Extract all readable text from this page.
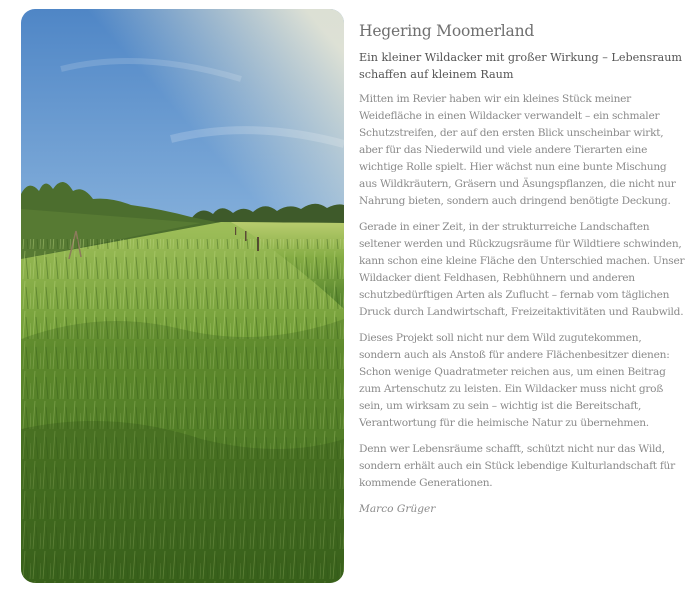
Hegering Moomerland
Ein kleiner Wildacker mit großer Wirkung – Lebensraum schaffen auf kleinem Raum

Mitten im Revier haben wir ein kleines Stück meiner Weidefläche in einen Wildacker verwandelt – ein schmaler Schutzstreifen, der auf den ersten Blick unscheinbar wirkt, aber für das Niederwild und viele andere Tierarten eine wichtige Rolle spielt. Hier wächst nun eine bunte Mischung aus Wildkräutern, Gräsern und Äsungspflanzen, die nicht nur Nahrung bieten, sondern auch dringend benötigte Deckung.

Gerade in einer Zeit, in der strukturreiche Landschaften seltener werden und Rückzugsräume für Wildtiere schwinden, kann schon eine kleine Fläche den Unterschied machen. Unser Wildacker dient Feldhasen, Rebhühnern und anderen schutzbedürftigen Arten als Zuflucht – fernab vom täglichen Druck durch Landwirtschaft, Freizeitaktivitäten und Raubwild.

Dieses Projekt soll nicht nur dem Wild zugutekommen, sondern auch als Anstoß für andere Flächenbesitzer dienen: Schon wenige Quadratmeter reichen aus, um einen Beitrag zum Artenschutz zu leisten. Ein Wildacker muss nicht groß sein, um wirksam zu sein – wichtig ist die Bereitschaft, Verantwortung für die heimische Natur zu übernehmen.

Denn wer Lebensräume schafft, schützt nicht nur das Wild, sondern erhält auch ein Stück lebendige Kulturlandschaft für kommende Generationen.

Marco Grüger
